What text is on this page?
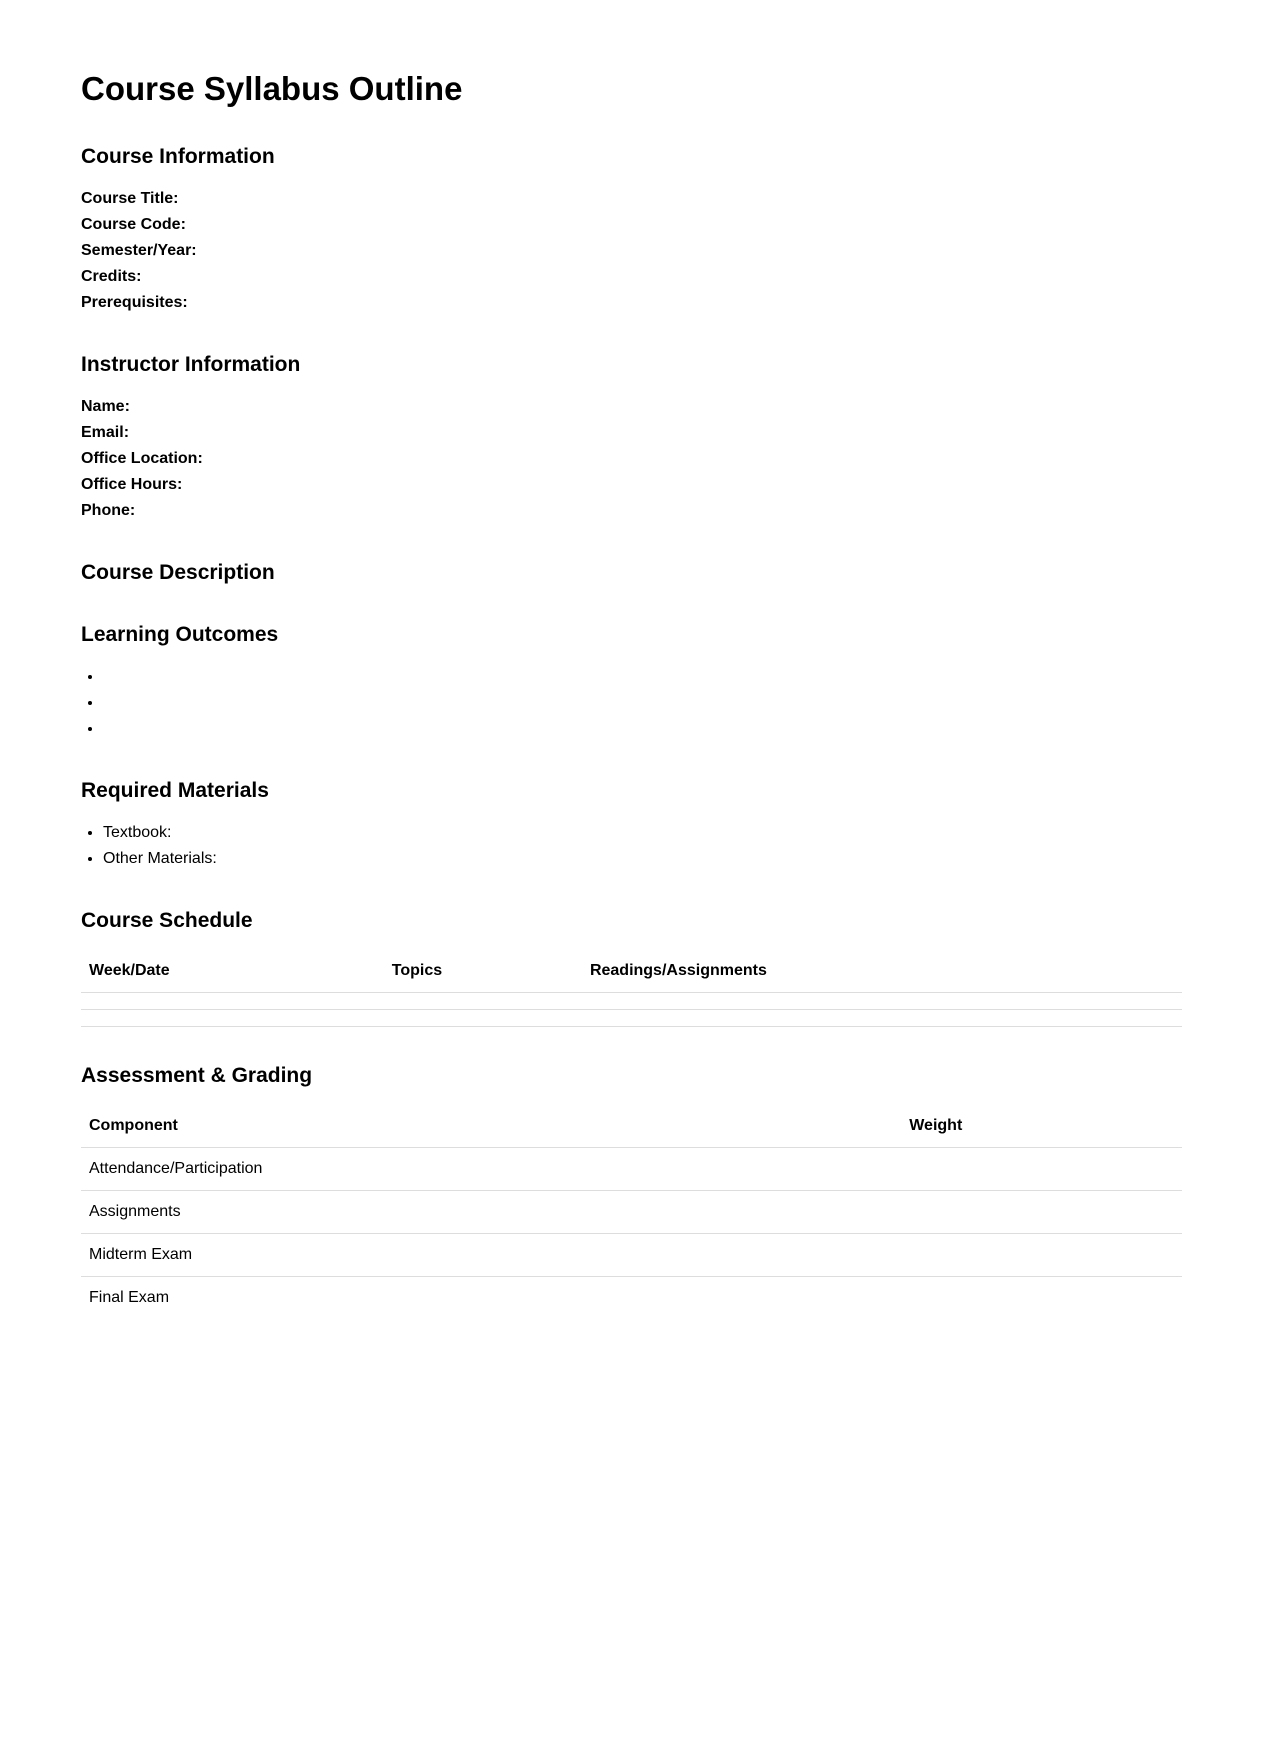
Course Syllabus Outline
Course Information
Course Title:
Course Code:
Semester/Year:
Credits:
Prerequisites:
Instructor Information
Name:
Email:
Office Location:
Office Hours:
Phone:
Course Description
Learning Outcomes
•
•
•
Required Materials
• Textbook:
• Other Materials:
Course Schedule
Week/Date	Topics	Readings/Assignments

Assessment & Grading
Component	Weight
Attendance/Participation	
Assignments	
Midterm Exam	
Final Exam	
